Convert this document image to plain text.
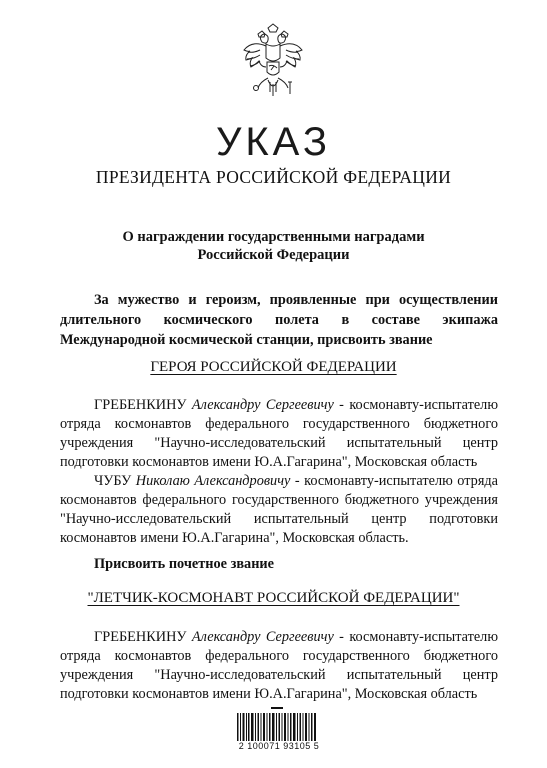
УКАЗ
ПРЕЗИДЕНТА РОССИЙСКОЙ ФЕДЕРАЦИИ
О награждении государственными наградами
Российской Федерации
За мужество и героизм, проявленные при осуществлении длительного космического полета в составе экипажа Международной космической станции, присвоить звание
ГЕРОЯ РОССИЙСКОЙ ФЕДЕРАЦИИ
ГРЕБЕНКИНУ Александру Сергеевичу - космонавту-испытателю отряда космонавтов федерального государственного бюджетного учреждения "Научно-исследовательский испытательный центр подготовки космонавтов имени Ю.А.Гагарина", Московская область
ЧУБУ Николаю Александровичу - космонавту-испытателю отряда космонавтов федерального государственного бюджетного учреждения "Научно-исследовательский испытательный центр подготовки космонавтов имени Ю.А.Гагарина", Московская область.
Присвоить почетное звание
"ЛЕТЧИК-КОСМОНАВТ РОССИЙСКОЙ ФЕДЕРАЦИИ"
ГРЕБЕНКИНУ Александру Сергеевичу - космонавту-испытателю отряда космонавтов федерального государственного бюджетного учреждения "Научно-исследовательский испытательный центр подготовки космонавтов имени Ю.А.Гагарина", Московская область
2 100071 93105 5
